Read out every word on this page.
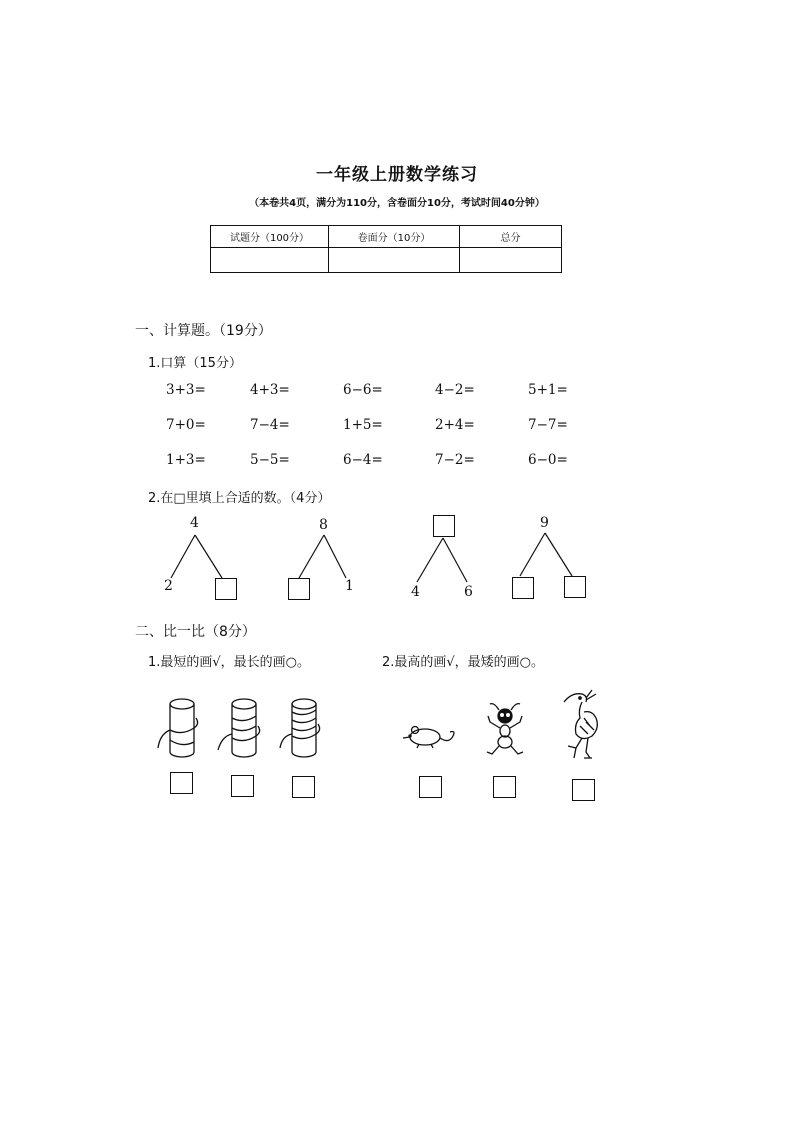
一年级上册数学练习
（本卷共4页，满分为110分，含卷面分10分，考试时间40分钟）
试题分（100分）	卷面分（10分）	总分

一、计算题。（19分）
1.口算（15分）
3+3=	4+3=	6−6=	4−2=	5+1=
7+0=	7−4=	1+5=	2+4=	7−7=
1+3=	5−5=	6−4=	7−2=	6−0=
2.在□里填上合适的数。（4分）
4
2
8
1	4	6
9
二、比一比（8分）
1.最短的画√，最长的画○。	2.最高的画√，最矮的画○。
